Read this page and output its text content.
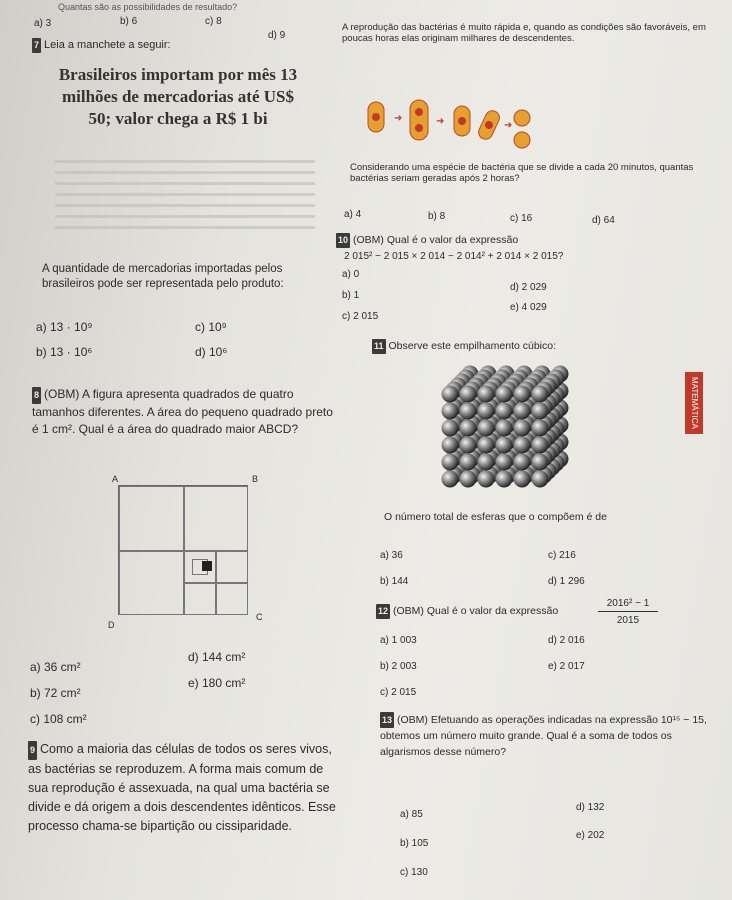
Quantas são as possibilidades de resultado?
a) 3	b) 6	c) 8
d) 9
7 Leia a manchete a seguir:
Brasileiros importam por mês 13 milhões de mercadorias até US$ 50; valor chega a R$ 1 bi
A quantidade de mercadorias importadas pelos brasileiros pode ser representada pelo produto:
a) 13 · 10⁹
b) 13 · 10⁶
c) 10⁹
d) 10⁶
8 (OBM) A figura apresenta quadrados de quatro tamanhos diferentes. A área do pequeno quadrado preto é 1 cm². Qual é a área do quadrado maior ABCD?
A	B
D
C
a) 36 cm²
b) 72 cm²
c) 108 cm²
d) 144 cm²
e) 180 cm²
9 Como a maioria das células de todos os seres vivos, as bactérias se reproduzem. A forma mais comum de sua reprodução é assexuada, na qual uma bactéria se divide e dá origem a dois descendentes idênticos. Esse processo chama-se bipartição ou cissiparidade.
A reprodução das bactérias é muito rápida e, quando as condições são favoráveis, em poucas horas elas originam milhares de descendentes.
➜	➜	➜
Considerando uma espécie de bactéria que se divide a cada 20 minutos, quantas bactérias seriam geradas após 2 horas?
a) 4	b) 8	c) 16	d) 64
10 (OBM) Qual é o valor da expressão
2 015² − 2 015 × 2 014 − 2 014² + 2 014 × 2 015?
a) 0
b) 1
c) 2 015
d) 2 029
e) 4 029
11 Observe este empilhamento cúbico:
MATEMÁTICA
O número total de esferas que o compõem é de
a) 36
b) 144
c) 216
d) 1 296
12 (OBM) Qual é o valor da expressão
2016² − 1
2015
a) 1 003
b) 2 003
c) 2 015
d) 2 016
e) 2 017
13 (OBM) Efetuando as operações indicadas na expressão 10¹⁵ − 15, obtemos um número muito grande. Qual é a soma de todos os algarismos desse número?
a) 85
b) 105
c) 130
d) 132
e) 202
